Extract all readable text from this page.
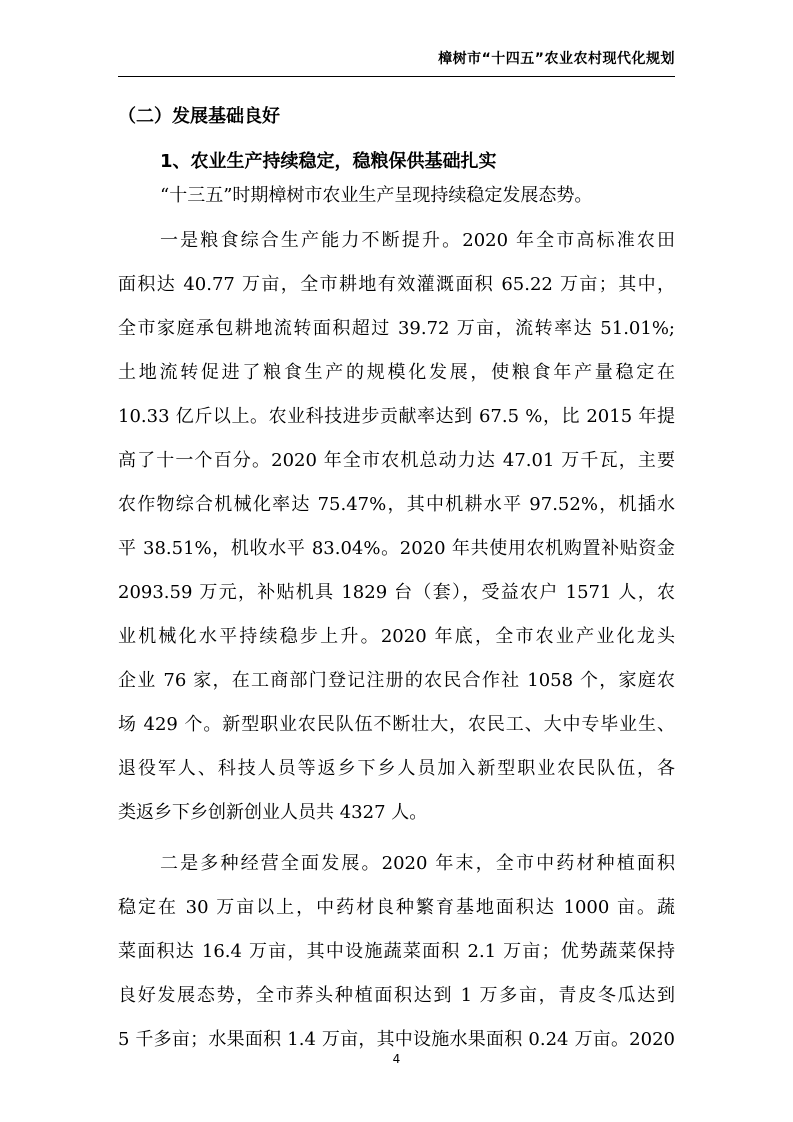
樟树市“十四五”农业农村现代化规划
（二）发展基础良好
1、农业生产持续稳定，稳粮保供基础扎实
“十三五”时期樟树市农业生产呈现持续稳定发展态势。
一是粮食综合生产能力不断提升。2020 年全市高标准农田
面积达 40.77 万亩，全市耕地有效灌溉面积 65.22 万亩；其中，
全市家庭承包耕地流转面积超过 39.72 万亩，流转率达 51.01%;
土地流转促进了粮食生产的规模化发展，使粮食年产量稳定在
10.33 亿斤以上。农业科技进步贡献率达到 67.5 %，比 2015 年提
高了十一个百分。2020 年全市农机总动力达 47.01 万千瓦，主要
农作物综合机械化率达 75.47%，其中机耕水平 97.52%，机插水
平 38.51%，机收水平 83.04%。2020 年共使用农机购置补贴资金
2093.59 万元，补贴机具 1829 台（套），受益农户 1571 人，农
业机械化水平持续稳步上升。2020 年底，全市农业产业化龙头
企业 76 家，在工商部门登记注册的农民合作社 1058 个，家庭农
场 429 个。新型职业农民队伍不断壮大，农民工、大中专毕业生、
退役军人、科技人员等返乡下乡人员加入新型职业农民队伍，各
类返乡下乡创新创业人员共 4327 人。
二是多种经营全面发展。2020 年末，全市中药材种植面积
稳定在 30 万亩以上，中药材良种繁育基地面积达 1000 亩。蔬
菜面积达 16.4 万亩，其中设施蔬菜面积 2.1 万亩；优势蔬菜保持
良好发展态势，全市荞头种植面积达到 1 万多亩，青皮冬瓜达到
5 千多亩；水果面积 1.4 万亩，其中设施水果面积 0.24 万亩。2020
4
